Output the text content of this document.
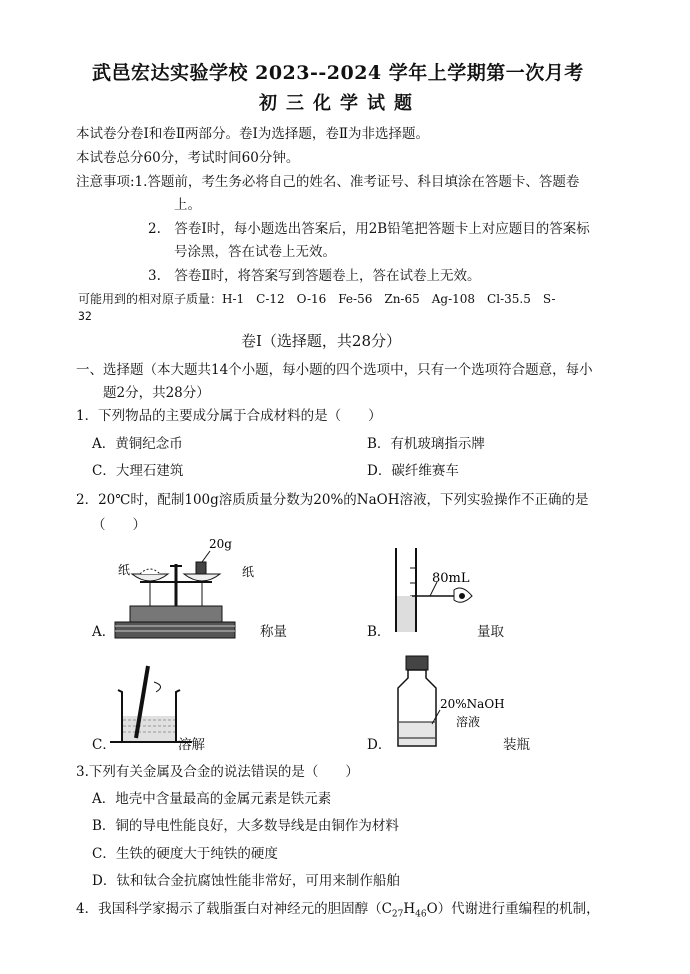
武邑宏达实验学校 2023--2024 学年上学期第一次月考
初三化学试题
本试卷分卷Ⅰ和卷Ⅱ两部分。卷Ⅰ为选择题，卷Ⅱ为非选择题。
本试卷总分60分，考试时间60分钟。
注意事项:1.答题前，考生务必将自己的姓名、准考证号、科目填涂在答题卡、答题卷
上。
2.　答卷Ⅰ时，每小题选出答案后，用2B铅笔把答题卡上对应题目的答案标
号涂黑，答在试卷上无效。
3.　答卷Ⅱ时，将答案写到答题卷上，答在试卷上无效。
可能用到的相对原子质量：H-1　C-12　O-16　Fe-56　Zn-65　Ag-108　Cl-35.5　S-
32
卷Ⅰ（选择题，共28分）
一、选择题（本大题共14个小题，每小题的四个选项中，只有一个选项符合题意，每小
题2分，共28分）
1．下列物品的主要成分属于合成材料的是（　　）
A．黄铜纪念币	B．有机玻璃指示牌
C．大理石建筑	D．碳纤维赛车
2．20℃时，配制100g溶质质量分数为20%的NaOH溶液，下列实验操作不正确的是
（　　）
20g
纸	纸
A．	称量
80mL
B．	量取
C．	溶解
20%NaOH
溶液
D．	装瓶
3.下列有关金属及合金的说法错误的是（　　）
A．地壳中含量最高的金属元素是铁元素
B．铜的导电性能良好，大多数导线是由铜作为材料
C．生铁的硬度大于纯铁的硬度
D．钛和钛合金抗腐蚀性能非常好，可用来制作船舶
4．我国科学家揭示了载脂蛋白对神经元的胆固醇$(C_{27}H_{46}O)$代谢进行重编程的机制，
